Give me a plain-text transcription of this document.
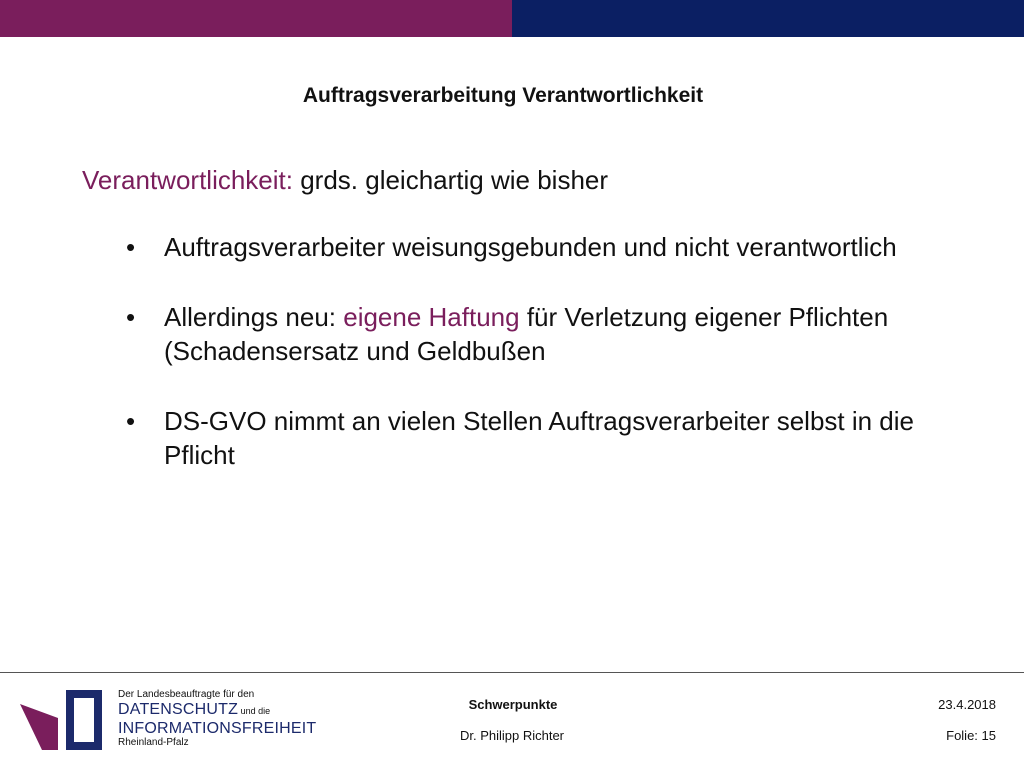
Auftragsverarbeitung Verantwortlichkeit
Verantwortlichkeit: grds. gleichartig wie bisher
• Auftragsverarbeiter weisungsgebunden und nicht verantwortlich
• Allerdings neu: eigene Haftung für Verletzung eigener Pflichten (Schadensersatz und Geldbußen
• DS-GVO nimmt an vielen Stellen Auftragsverarbeiter selbst in die Pflicht
Der Landesbeauftragte für den
DATENSCHUTZ und die
INFORMATIONSFREIHEIT
Rheinland-Pfalz
Schwerpunkte
Dr. Philipp Richter
23.4.2018
Folie: 15
